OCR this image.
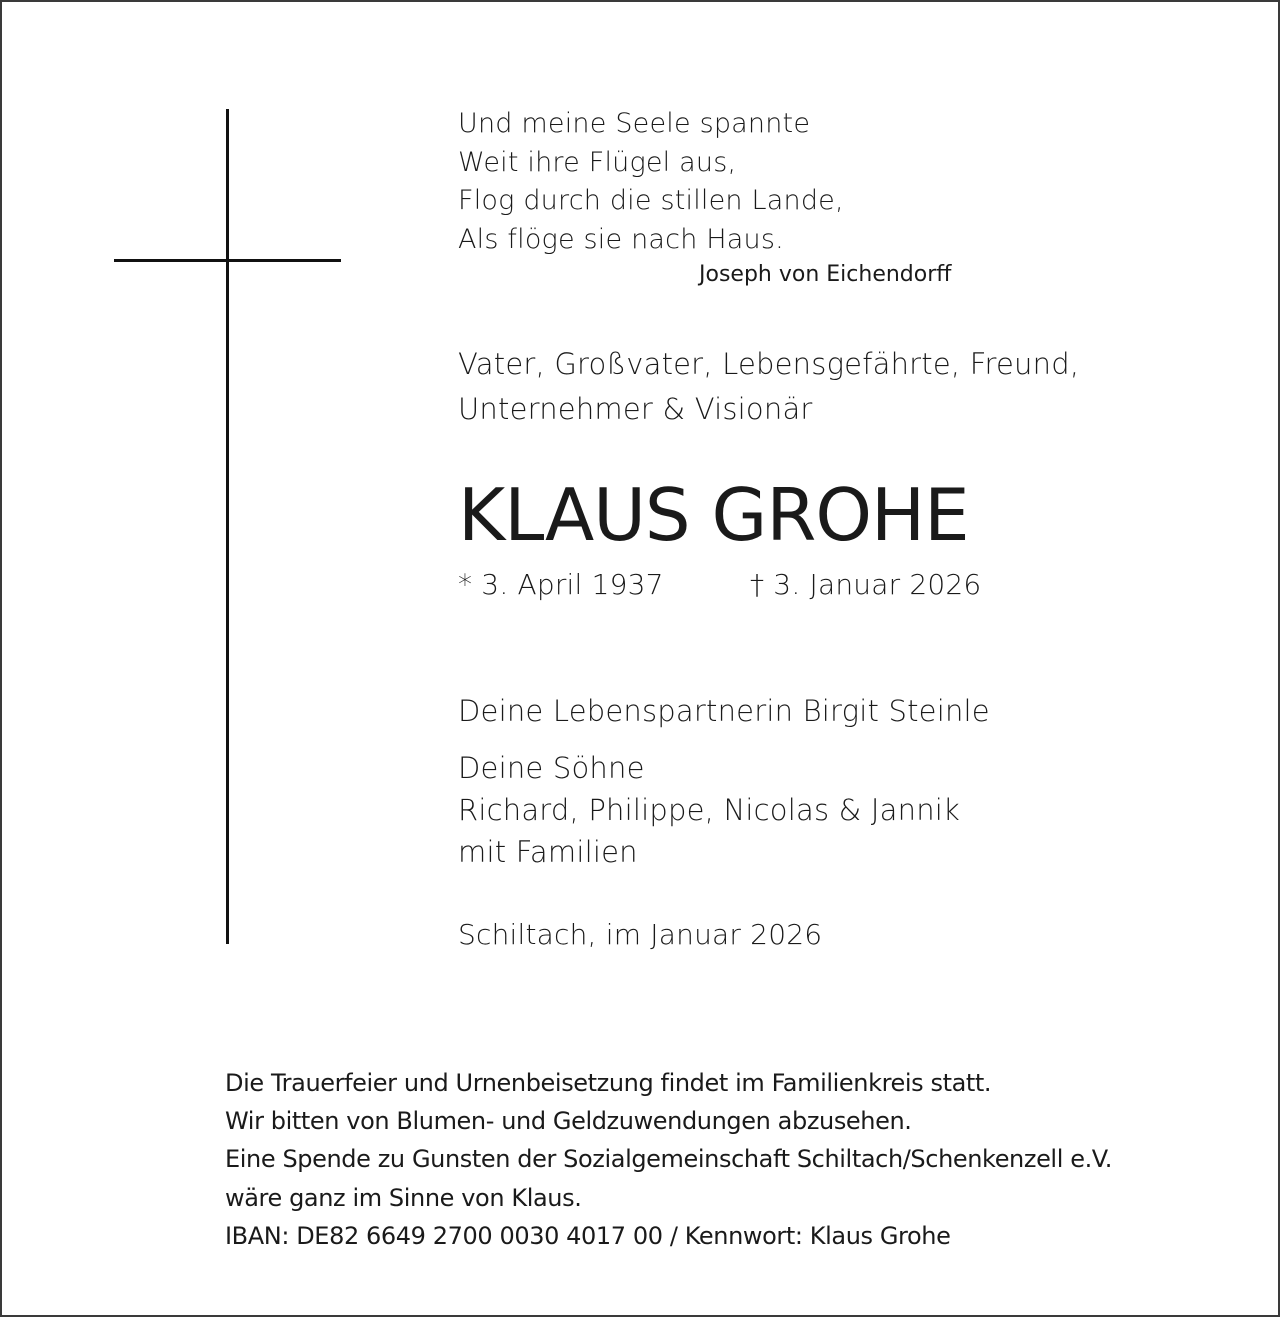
Und meine Seele spannte
Weit ihre Flügel aus,
Flog durch die stillen Lande,
Als flöge sie nach Haus.
Joseph von Eichendorff
Vater, Großvater, Lebensgefährte, Freund,
Unternehmer & Visionär
KLAUS GROHE
* 3. April 1937	† 3. Januar 2026
Deine Lebenspartnerin Birgit Steinle
Deine Söhne
Richard, Philippe, Nicolas & Jannik
mit Familien
Schiltach, im Januar 2026
Die Trauerfeier und Urnenbeisetzung findet im Familienkreis statt.
Wir bitten von Blumen- und Geldzuwendungen abzusehen.
Eine Spende zu Gunsten der Sozialgemeinschaft Schiltach/Schenkenzell e.V.
wäre ganz im Sinne von Klaus.
IBAN: DE82 6649 2700 0030 4017 00 / Kennwort: Klaus Grohe
